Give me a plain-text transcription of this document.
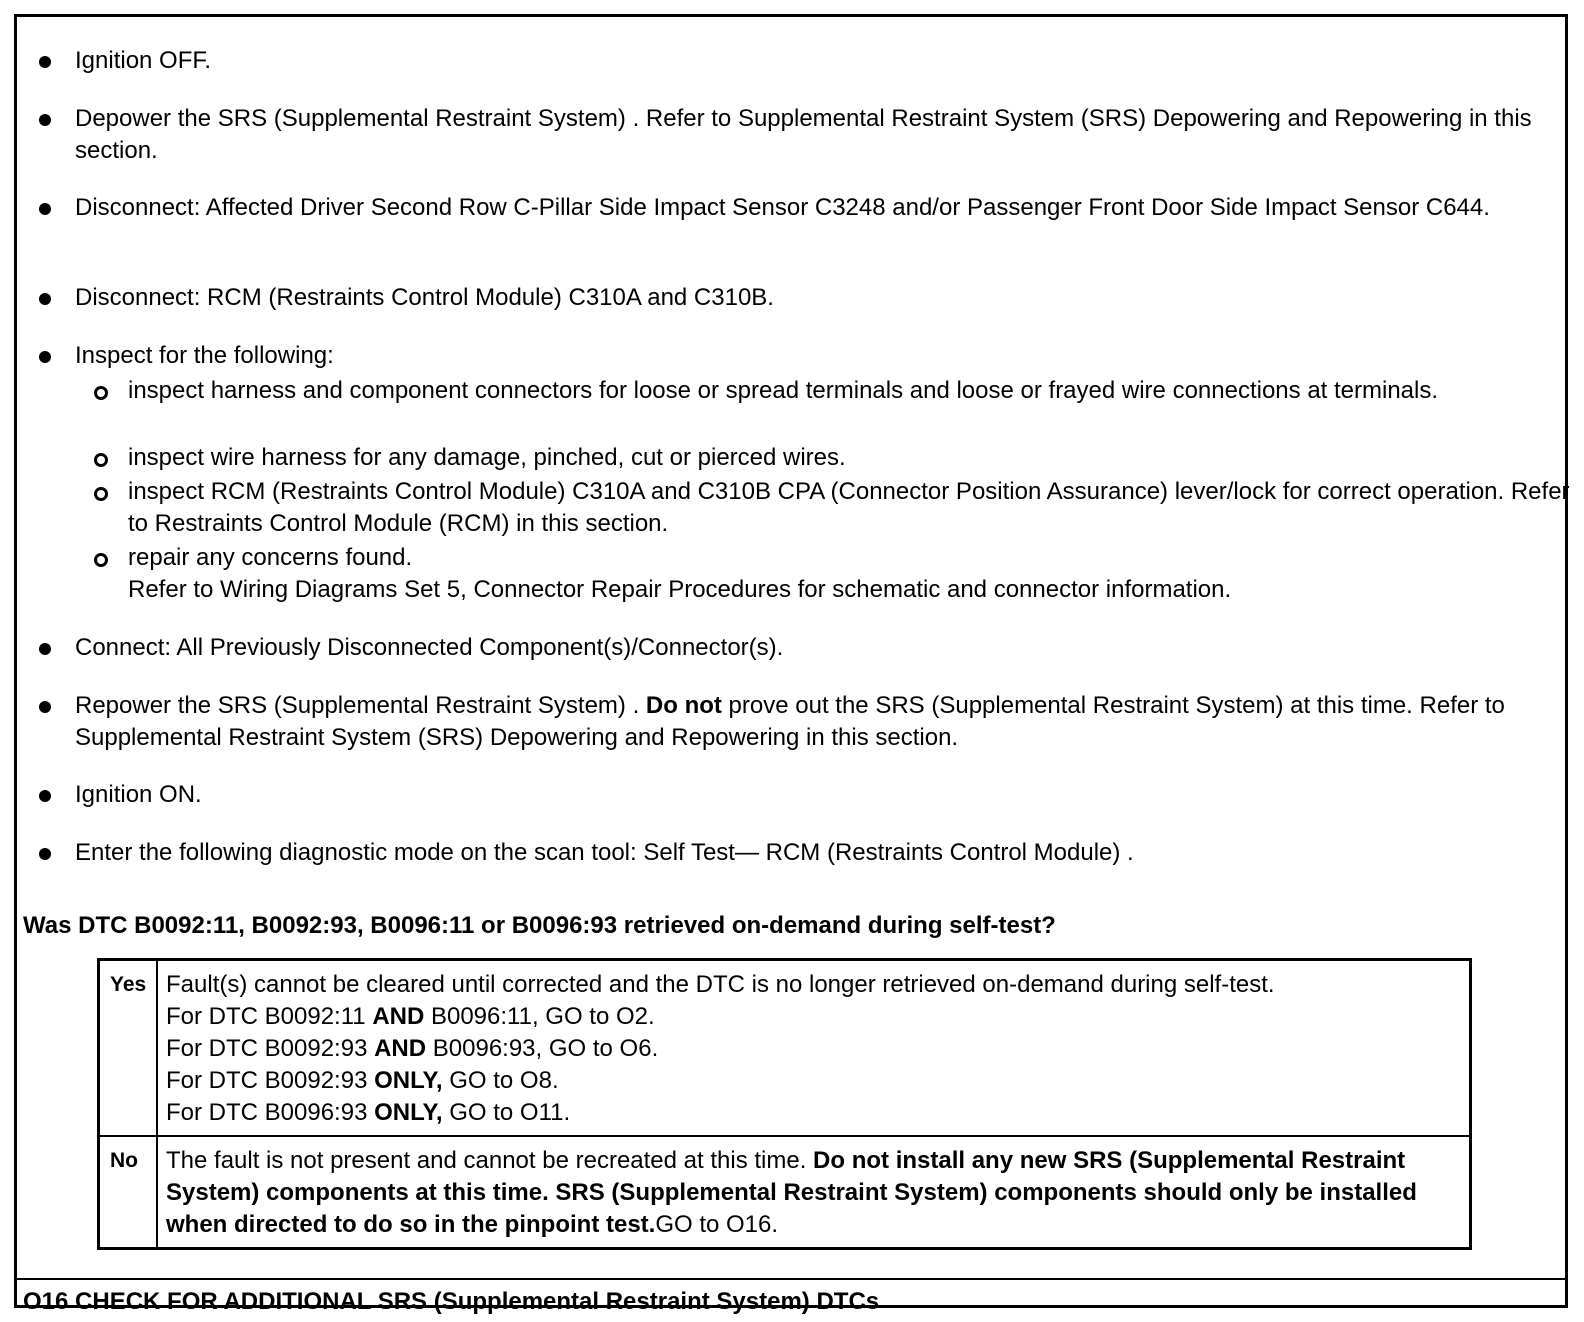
Ignition OFF.
Depower the SRS (Supplemental Restraint System) . Refer to Supplemental Restraint System (SRS) Depowering and Repowering in this section.
Disconnect: Affected Driver Second Row C-Pillar Side Impact Sensor C3248 and/or Passenger Front Door Side Impact Sensor C644.
Disconnect: RCM (Restraints Control Module) C310A and C310B.
Inspect for the following:
inspect harness and component connectors for loose or spread terminals and loose or frayed wire connections at terminals.
inspect wire harness for any damage, pinched, cut or pierced wires.
inspect RCM (Restraints Control Module) C310A and C310B CPA (Connector Position Assurance) lever/lock for correct operation. Refer to Restraints Control Module (RCM) in this section.
repair any concerns found.
Refer to Wiring Diagrams Set 5, Connector Repair Procedures for schematic and connector information.
Connect: All Previously Disconnected Component(s)/Connector(s).
Repower the SRS (Supplemental Restraint System) . Do not prove out the SRS (Supplemental Restraint System) at this time. Refer to Supplemental Restraint System (SRS) Depowering and Repowering in this section.
Ignition ON.
Enter the following diagnostic mode on the scan tool: Self Test— RCM (Restraints Control Module) .
Was DTC B0092:11, B0092:93, B0096:11 or B0096:93 retrieved on-demand during self-test?
Yes	Fault(s) cannot be cleared until corrected and the DTC is no longer retrieved on-demand during self-test.
For DTC B0092:11 AND B0096:11, GO to O2.
For DTC B0092:93 AND B0096:93, GO to O6.
For DTC B0092:93 ONLY, GO to O8.
For DTC B0096:93 ONLY, GO to O11.
No	The fault is not present and cannot be recreated at this time. Do not install any new SRS (Supplemental Restraint System) components at this time. SRS (Supplemental Restraint System) components should only be installed when directed to do so in the pinpoint test.GO to O16.
O16 CHECK FOR ADDITIONAL SRS (Supplemental Restraint System) DTCs
